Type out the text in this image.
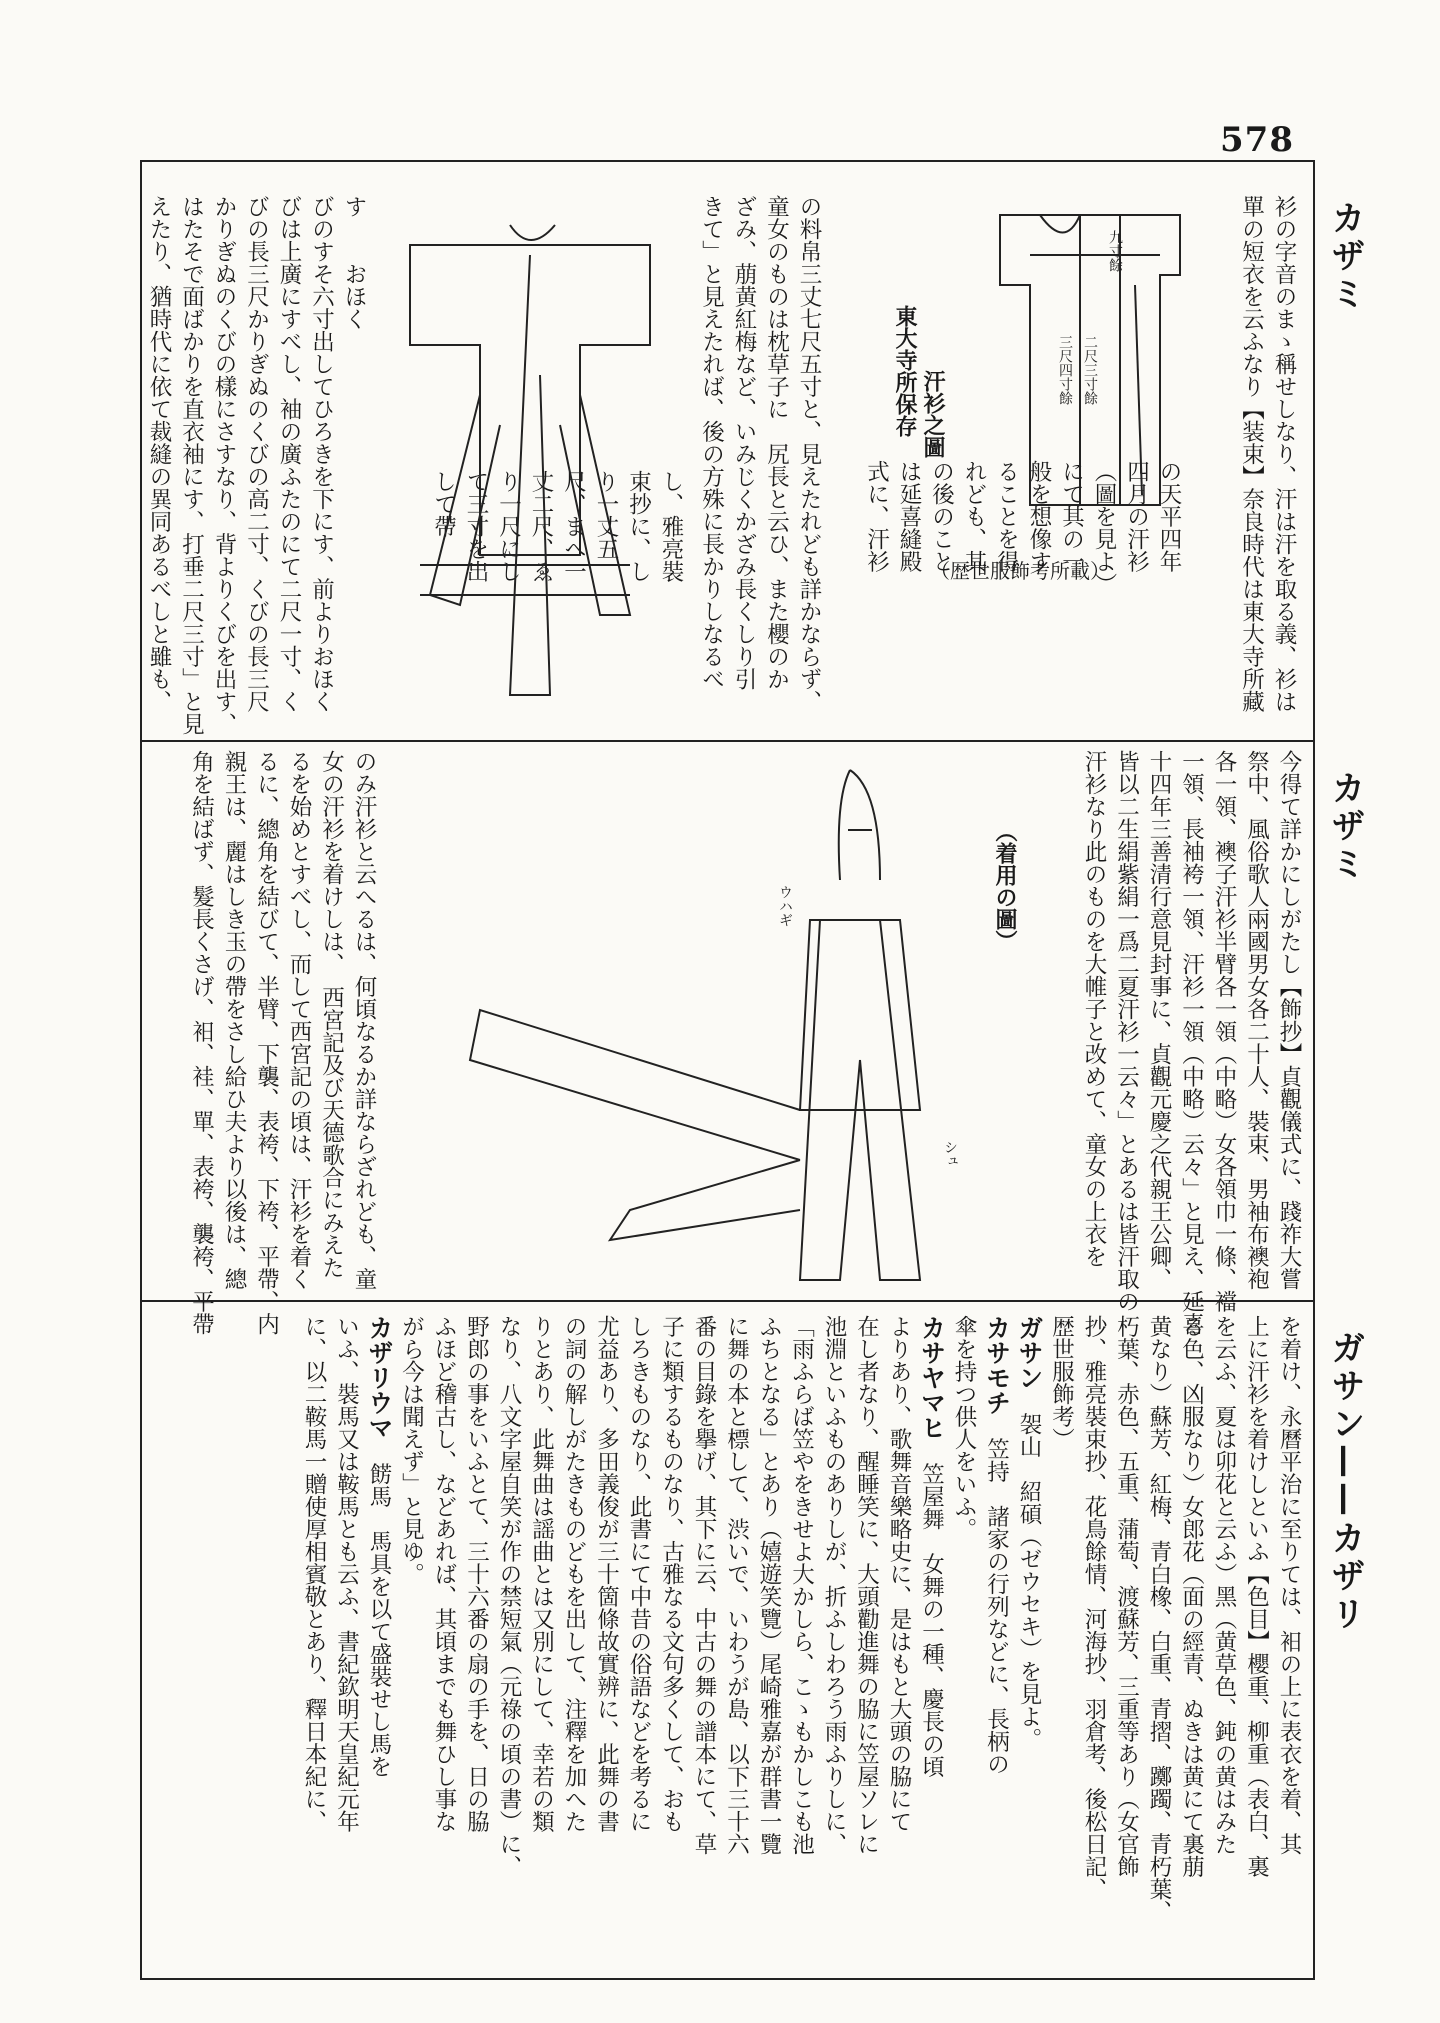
578
カザミ
カザミ
ガサン——カザリ
衫の字音のまゝ稱せしなり、汗は汗を取る義、衫は
單の短衣を云ふなり【装束】奈良時代は東大寺所藏
の天平四年
四月の汗衫
（圖を見よ）
にて其の一
般を想像す
ることを得
れども、其
の後のこと
は延喜縫殿
式に、汗衫
の料帛三丈七尺五寸と、見えたれども詳かならず、
童女のものは枕草子に　尻長と云ひ、また櫻のか
ざみ、萠黄紅梅など、いみじくかざみ長くしり引
きて」と見えたれば、後の方殊に長かりしなるべ
し、雅亮裝
束抄に、し
り一丈五
尺、まへ一
丈二尺、ゑ
り一尺にし
て三寸を出
して帶
す　　おほく
びのすそ六寸出してひろきを下にす、前よりおほく
びは上廣にすべし、袖の廣ふたのにて二尺一寸、く
びの長三尺かりぎぬのくびの高二寸、くびの長三尺
かりぎぬのくびの樣にさすなり、背よりくびを出す、
はたそで面ばかりを直衣袖にす、打垂二尺三寸」と見
えたり、猶時代に依て裁縫の異同あるべしと雖も、	東大寺所保存 汗衫之圖
九寸餘
二尺三寸餘
三尺四寸餘
（歴世服飾考所載）
今得て詳かにしがたし【飾抄】貞觀儀式に、踐祚大嘗
祭中、風俗歌人兩國男女各二十人、裝束、男袖布襖袍
各一領、襖子汗衫半臂各一領（中略）女各領巾一條、襠
一領、長袖袴一領、汗衫一領（中略）云々」と見え、延喜
十四年三善清行意見封事に、貞觀元慶之代親王公卿、
皆以二生絹紫絹一爲二夏汗衫一云々」とあるは皆汗取の
汗衫なり此のものを大帷子と改めて、童女の上衣を
のみ汗衫と云へるは、何頃なるか詳ならざれども、童
女の汗衫を着けしは、　西宮記及び天德歌合にみえた
るを始めとすべし、而して西宮記の頃は、汗衫を着く
るに、總角を結びて、半臂、下襲、表袴、下袴、平帶、内
親王は、麗はしき玉の帶をさし給ひ夫より以後は、總
角を結ばず、髮長くさげ、衵、袿、單、表袴、襲袴、平帶	（着用の圖）
ウハギ
シュ
を着け、永曆平治に至りては、衵の上に表衣を着、其
上に汗衫を着けしといふ【色目】櫻重、柳重（表白、裏
を云ふ、夏は卯花と云ふ）黑（黄草色、鈍の黄はみた
る色、凶服なり）女郎花（面の經青、ぬきは黄にて裏萠
黄なり）蘇芳、紅梅、青白橡、白重、青摺、躑躅、青朽葉、
朽葉、赤色、五重、蒲萄、渡蘇芳、三重等あり（女官飾
抄、雅亮裝束抄、花鳥餘情、河海抄、羽倉考、後松日記、
歴世服飾考）
ガサン　袈山　紹碩（ゼウセキ）を見よ。
カサモチ　笠持　諸家の行列などに、長柄の
傘を持つ供人をいふ。
カサヤマヒ　笠屋舞　女舞の一種、慶長の頃
よりあり、歌舞音樂略史に、是はもと大頭の脇にて
在し者なり、醒睡笑に、大頭勸進舞の脇に笠屋ソレに
池淵といふものありしが、折ふしわろう雨ふりしに、
「雨ふらば笠やをきせよ大かしら、こゝもかしこも池
ふちとなる」とあり（嬉遊笑覽）尾崎雅嘉が群書一覽
に舞の本と標して、渋いで、いわうが島、以下三十六
番の目錄を擧げ、其下に云、中古の舞の譜本にて、草
子に類するものなり、古雅なる文句多くして、おも
しろきものなり、此書にて中昔の俗語などを考るに
尤益あり、多田義俊が三十箇條故實辨に、此舞の書
の詞の解しがたきものどもを出して、注釋を加へた
りとあり、此舞曲は謡曲とは又別にして、幸若の類
なり、八文字屋自笑が作の禁短氣（元祿の頃の書）に、
野郎の事をいふとて、三十六番の扇の手を、日の脇
ふほど稽古し、などあれば、其頃までも舞ひし事な
がら今は聞えず」と見ゆ。
カザリウマ　餝馬　馬具を以て盛裝せし馬を
いふ、裝馬又は鞍馬とも云ふ、書紀欽明天皇紀元年
に、以二鞍馬一贈使厚相賓敬とあり、釋日本紀に、
